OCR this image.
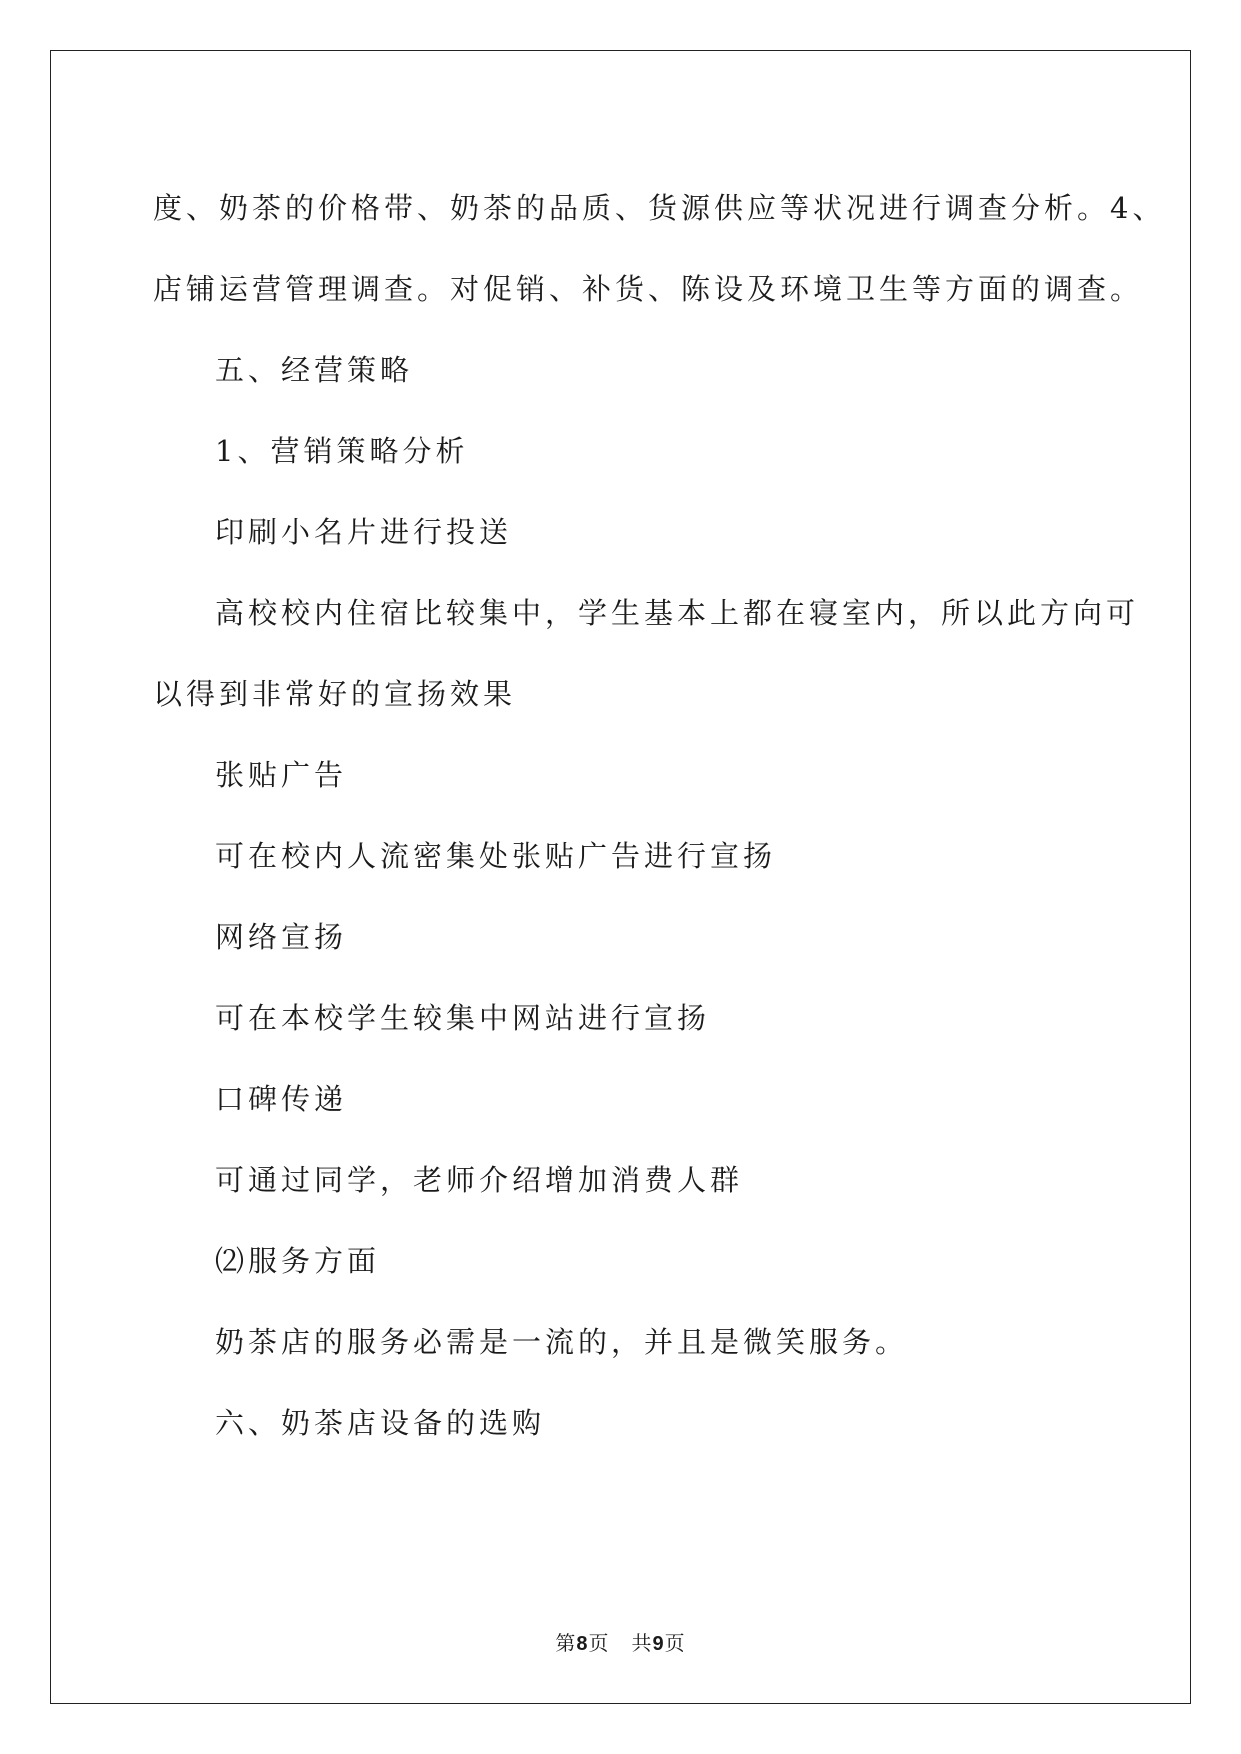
度、奶茶的价格带、奶茶的品质、货源供应等状况进行调查分析。4、
店铺运营管理调查。对促销、补货、陈设及环境卫生等方面的调查。
五、经营策略
1、营销策略分析
印刷小名片进行投送
高校校内住宿比较集中，学生基本上都在寝室内，所以此方向可
以得到非常好的宣扬效果
张贴广告
可在校内人流密集处张贴广告进行宣扬
网络宣扬
可在本校学生较集中网站进行宣扬
口碑传递
可通过同学，老师介绍增加消费人群
⑵服务方面
奶茶店的服务必需是一流的，并且是微笑服务。
六、奶茶店设备的选购
第8页   共9页
